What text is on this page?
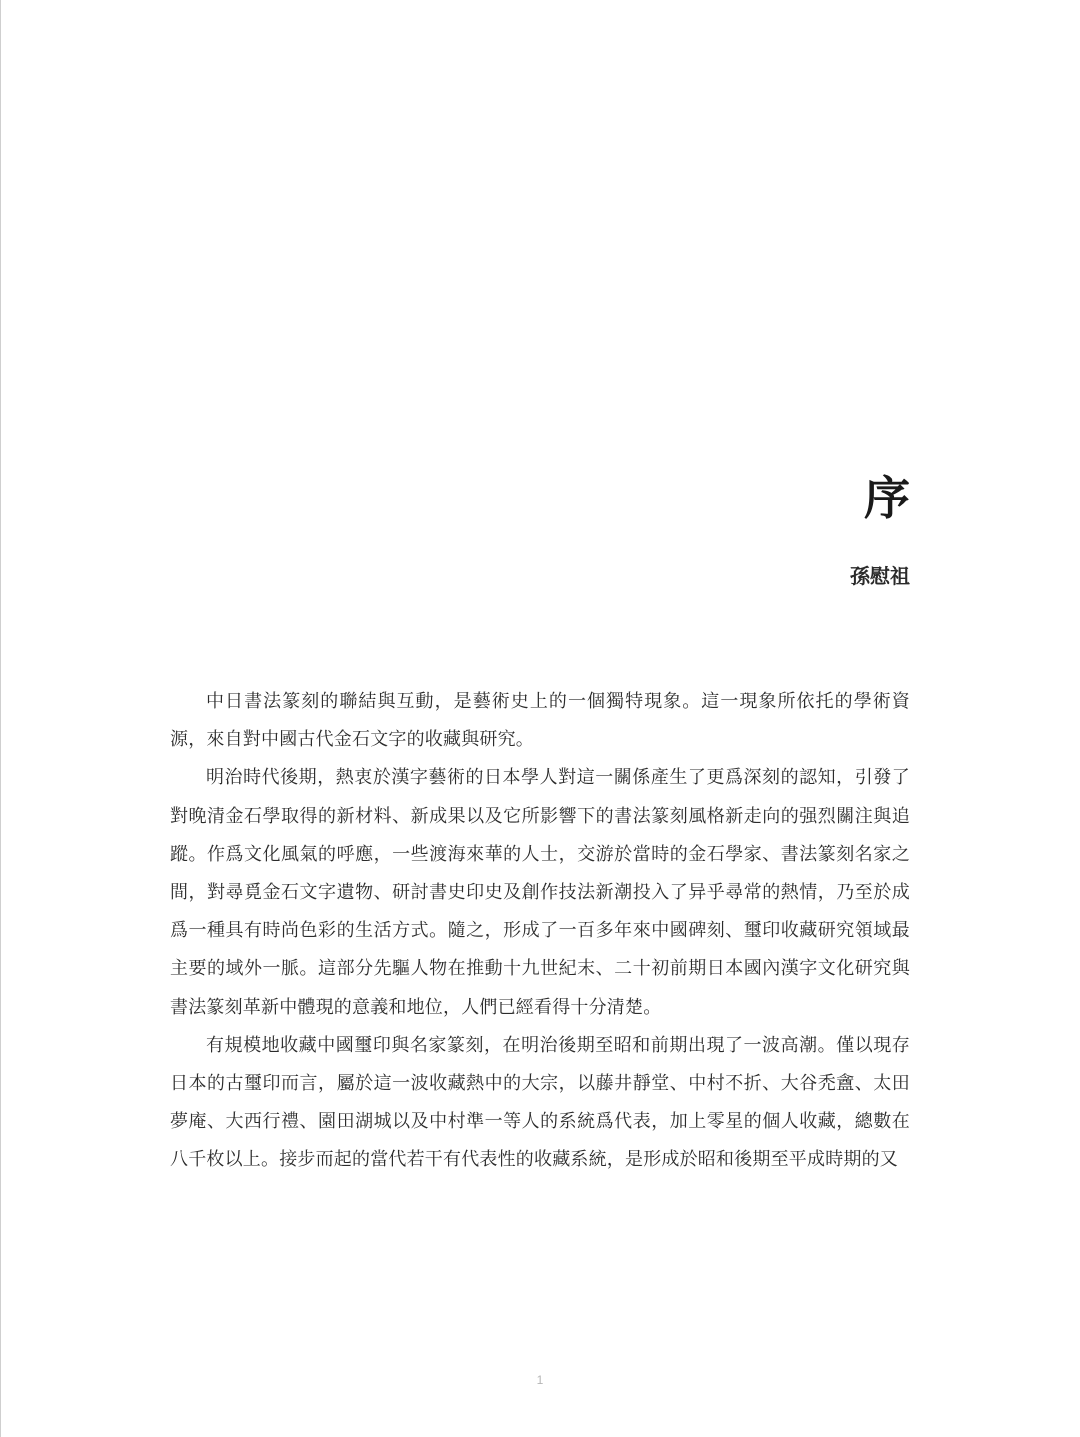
序
孫慰祖

中日書法篆刻的聯結與互動，是藝術史上的一個獨特現象。這一現象所依托的學術資源，來自對中國古代金石文字的收藏與研究。

明治時代後期，熱衷於漢字藝術的日本學人對這一關係產生了更爲深刻的認知，引發了對晚清金石學取得的新材料、新成果以及它所影響下的書法篆刻風格新走向的强烈關注與追蹤。作爲文化風氣的呼應，一些渡海來華的人士，交游於當時的金石學家、書法篆刻名家之間，對尋覓金石文字遺物、研討書史印史及創作技法新潮投入了异乎尋常的熱情，乃至於成爲一種具有時尚色彩的生活方式。隨之，形成了一百多年來中國碑刻、璽印收藏研究領域最主要的域外一脈。這部分先驅人物在推動十九世紀末、二十初前期日本國內漢字文化研究與書法篆刻革新中體現的意義和地位，人們已經看得十分清楚。

有規模地收藏中國璽印與名家篆刻，在明治後期至昭和前期出現了一波高潮。僅以現存日本的古璽印而言，屬於這一波收藏熱中的大宗，以藤井靜堂、中村不折、大谷禿盦、太田夢庵、大西行禮、園田湖城以及中村準一等人的系統爲代表，加上零星的個人收藏，總數在八千枚以上。接步而起的當代若干有代表性的收藏系統，是形成於昭和後期至平成時期的又

1
